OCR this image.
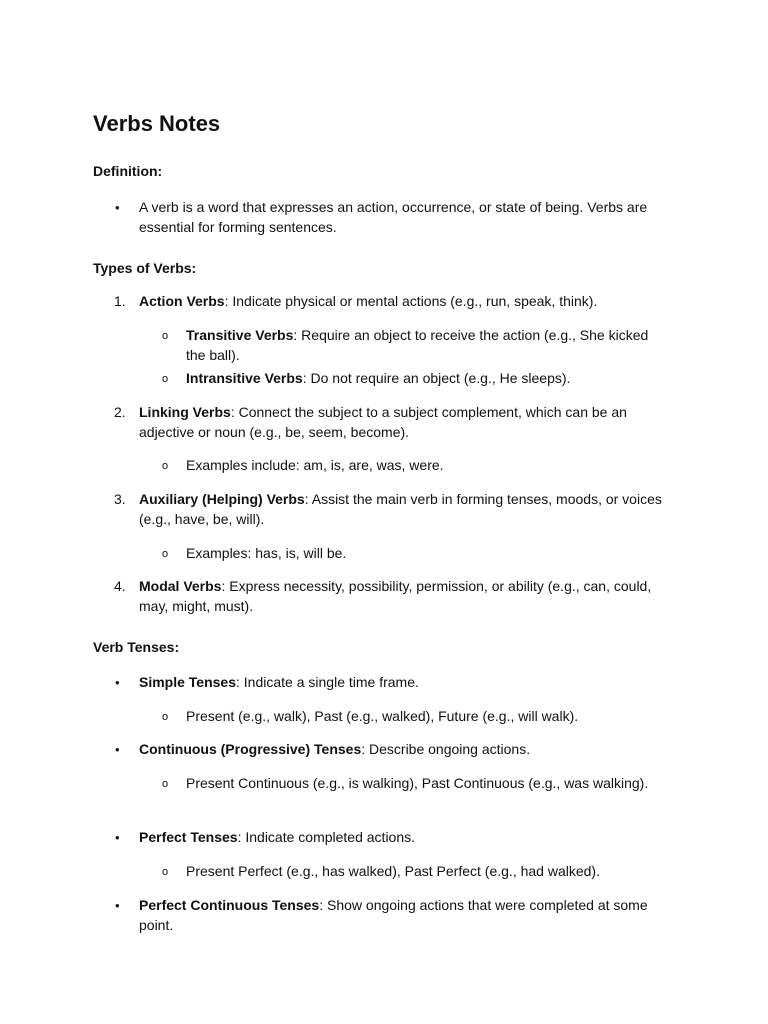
Verbs Notes

Definition:

• A verb is a word that expresses an action, occurrence, or state of being. Verbs are essential for forming sentences.

Types of Verbs:

1. Action Verbs: Indicate physical or mental actions (e.g., run, speak, think).

o Transitive Verbs: Require an object to receive the action (e.g., She kicked the ball).

o Intransitive Verbs: Do not require an object (e.g., He sleeps).

2. Linking Verbs: Connect the subject to a subject complement, which can be an adjective or noun (e.g., be, seem, become).

o Examples include: am, is, are, was, were.

3. Auxiliary (Helping) Verbs: Assist the main verb in forming tenses, moods, or voices (e.g., have, be, will).

o Examples: has, is, will be.

4. Modal Verbs: Express necessity, possibility, permission, or ability (e.g., can, could, may, might, must).

Verb Tenses:

• Simple Tenses: Indicate a single time frame.

o Present (e.g., walk), Past (e.g., walked), Future (e.g., will walk).

• Continuous (Progressive) Tenses: Describe ongoing actions.

o Present Continuous (e.g., is walking), Past Continuous (e.g., was walking).

• Perfect Tenses: Indicate completed actions.

o Present Perfect (e.g., has walked), Past Perfect (e.g., had walked).

• Perfect Continuous Tenses: Show ongoing actions that were completed at some point.
